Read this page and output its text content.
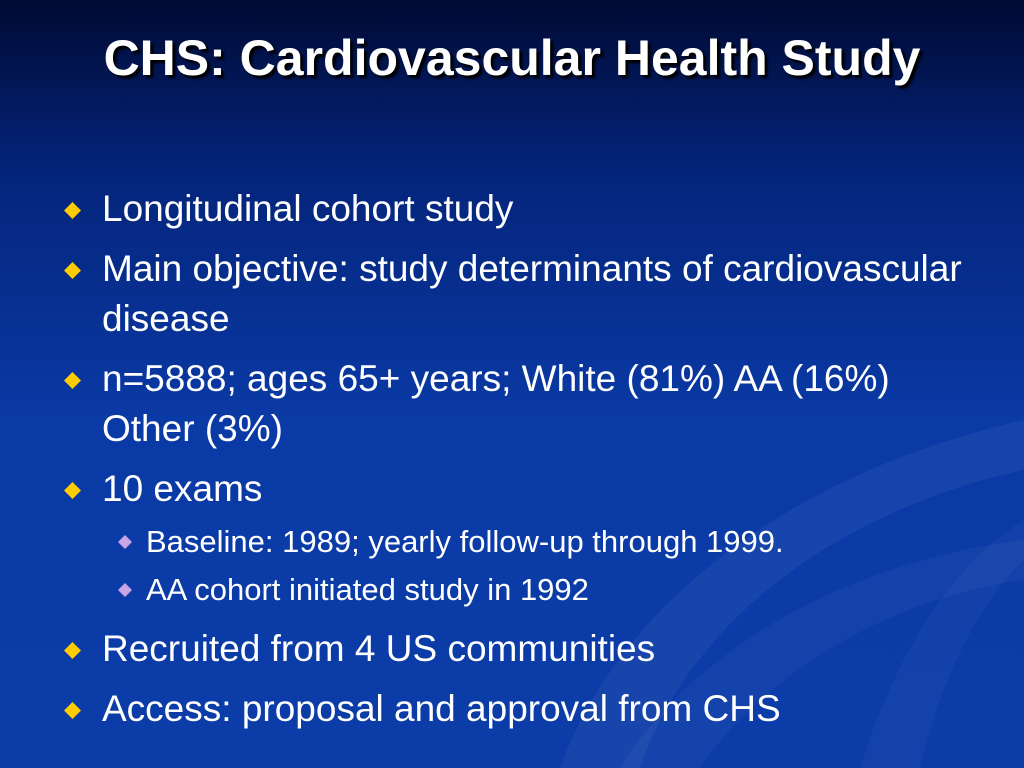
CHS: Cardiovascular Health Study
Longitudinal cohort study
Main objective: study determinants of cardiovascular disease
n=5888; ages 65+ years; White (81%) AA (16%) Other (3%)
10 exams
Baseline: 1989; yearly follow-up through 1999.
AA cohort initiated study in 1992
Recruited from 4 US communities
Access: proposal and approval from CHS
